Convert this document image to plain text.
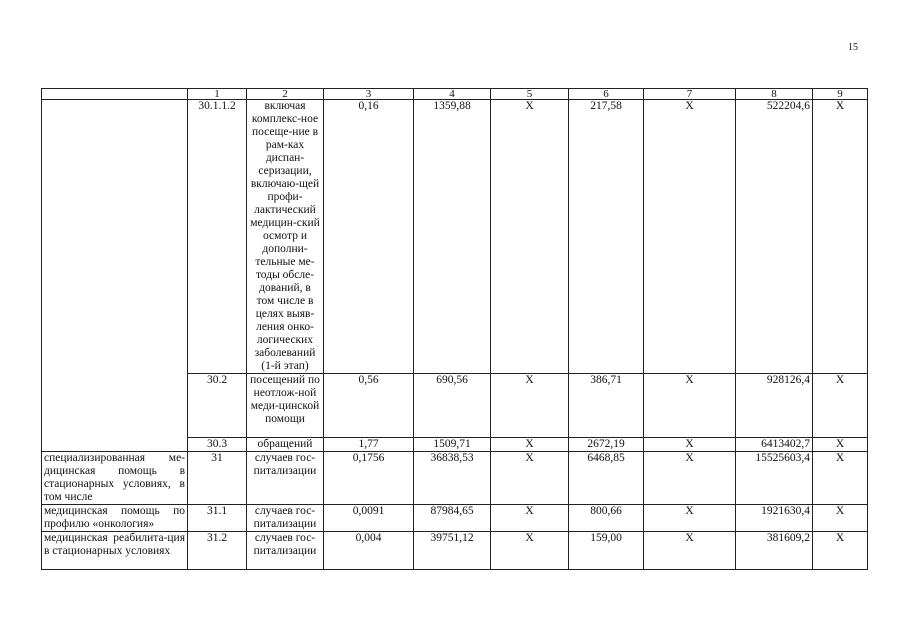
15
	1	2	3	4	5	6	7	8	9
	30.1.1.2	включая комплекс-ное посеще-ние в рам-ках диспан-серизации, включаю-щей профи-лактический медицин-ский осмотр и дополни-тельные ме-тоды обсле-дований, в том числе в целях выяв-ления онко-логических заболеваний (1-й этап)	0,16	1359,88	X	217,58	X	522204,6	X
	30.2	посещений по неотлож-ной меди-цинской помощи	0,56	690,56	X	386,71	X	928126,4	X
	30.3	обращений	1,77	1509,71	X	2672,19	X	6413402,7	X
специализированная ме-дицинская помощь в стационарных условиях, в том числе	31	случаев гос-питализации	0,1756	36838,53	X	6468,85	X	15525603,4	X
медицинская помощь по профилю «онкология»	31.1	случаев гос-питализации	0,0091	87984,65	X	800,66	X	1921630,4	X
медицинская реабилита-ция в стационарных условиях	31.2	случаев гос-питализации	0,004	39751,12	X	159,00	X	381609,2	X
